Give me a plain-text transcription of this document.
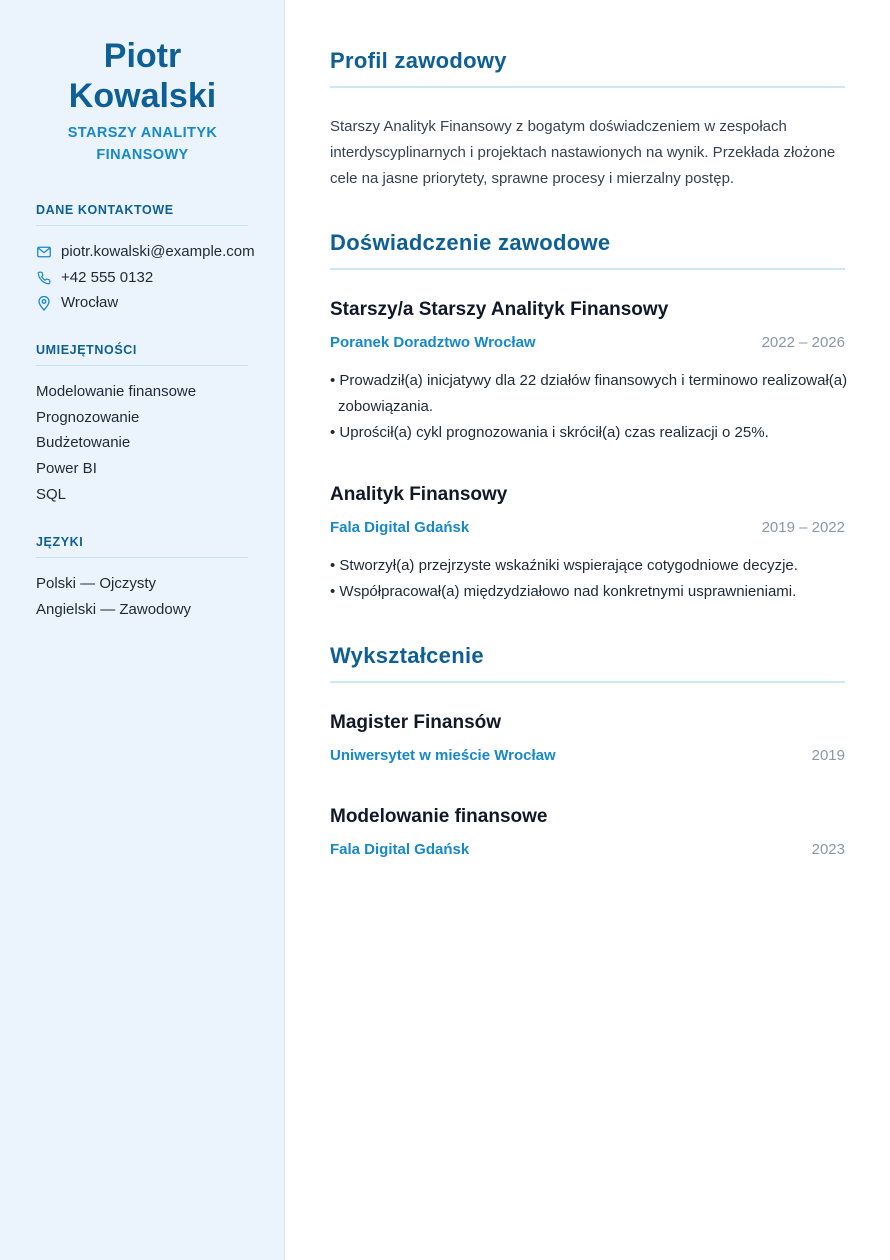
Piotr
Kowalski
STARSZY ANALITYK
FINANSOWY
DANE KONTAKTOWE
piotr.kowalski@example.com
+42 555 0132
Wrocław
UMIEJĘTNOŚCI
Modelowanie finansowe
Prognozowanie
Budżetowanie
Power BI
SQL
JĘZYKI
Polski — Ojczysty
Angielski — Zawodowy
Profil zawodowy

Starszy Analityk Finansowy z bogatym doświadczeniem w zespołach interdyscyplinarnych i projektach nastawionych na wynik. Przekłada złożone cele na jasne priorytety, sprawne procesy i mierzalny postęp.

Doświadczenie zawodowe
Starszy/a Starszy Analityk Finansowy
Poranek Doradztwo Wrocław	2022 – 2026
• Prowadził(a) inicjatywy dla 22 działów finansowych i terminowo realizował(a) zobowiązania.
• Uprościł(a) cykl prognozowania i skrócił(a) czas realizacji o 25%.
Analityk Finansowy
Fala Digital Gdańsk	2019 – 2022
• Stworzył(a) przejrzyste wskaźniki wspierające cotygodniowe decyzje.
• Współpracował(a) międzydziałowo nad konkretnymi usprawnieniami.
Wykształcenie
Magister Finansów
Uniwersytet w mieście Wrocław	2019
Modelowanie finansowe
Fala Digital Gdańsk	2023
